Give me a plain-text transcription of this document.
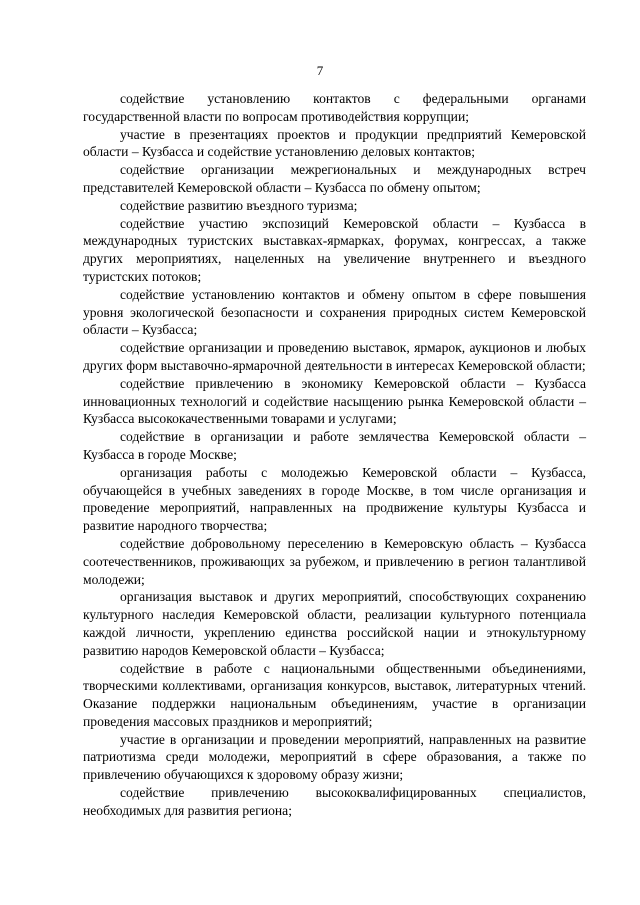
7

содействие установлению контактов с федеральными органами государственной власти по вопросам противодействия коррупции;

участие в презентациях проектов и продукции предприятий Кемеровской области – Кузбасса и содействие установлению деловых контактов;

содействие организации межрегиональных и международных встреч представителей Кемеровской области – Кузбасса по обмену опытом;

содействие развитию въездного туризма;

содействие участию экспозиций Кемеровской области – Кузбасса в международных туристских выставках-ярмарках, форумах, конгрессах, а также других мероприятиях, нацеленных на увеличение внутреннего и въездного туристских потоков;

содействие установлению контактов и обмену опытом в сфере повышения уровня экологической безопасности и сохранения природных систем Кемеровской области – Кузбасса;

содействие организации и проведению выставок, ярмарок, аукционов и любых других форм выставочно-ярмарочной деятельности в интересах Кемеровской области;

содействие привлечению в экономику Кемеровской области – Кузбасса инновационных технологий и содействие насыщению рынка Кемеровской области – Кузбасса высококачественными товарами и услугами;

содействие в организации и работе землячества Кемеровской области – Кузбасса в городе Москве;

организация работы с молодежью Кемеровской области – Кузбасса, обучающейся в учебных заведениях в городе Москве, в том числе организация и проведение мероприятий, направленных на продвижение культуры Кузбасса и развитие народного творчества;

содействие добровольному переселению в Кемеровскую область – Кузбасса соотечественников, проживающих за рубежом, и привлечению в регион талантливой молодежи;

организация выставок и других мероприятий, способствующих сохранению культурного наследия Кемеровской области, реализации культурного потенциала каждой личности, укреплению единства российской нации и этнокультурному развитию народов Кемеровской области – Кузбасса;

содействие в работе с национальными общественными объединениями, творческими коллективами, организация конкурсов, выставок, литературных чтений. Оказание поддержки национальным объединениям, участие в организации проведения массовых праздников и мероприятий;

участие в организации и проведении мероприятий, направленных на развитие патриотизма среди молодежи, мероприятий в сфере образования, а также по привлечению обучающихся к здоровому образу жизни;

содействие привлечению высококвалифицированных специалистов, необходимых для развития региона;
